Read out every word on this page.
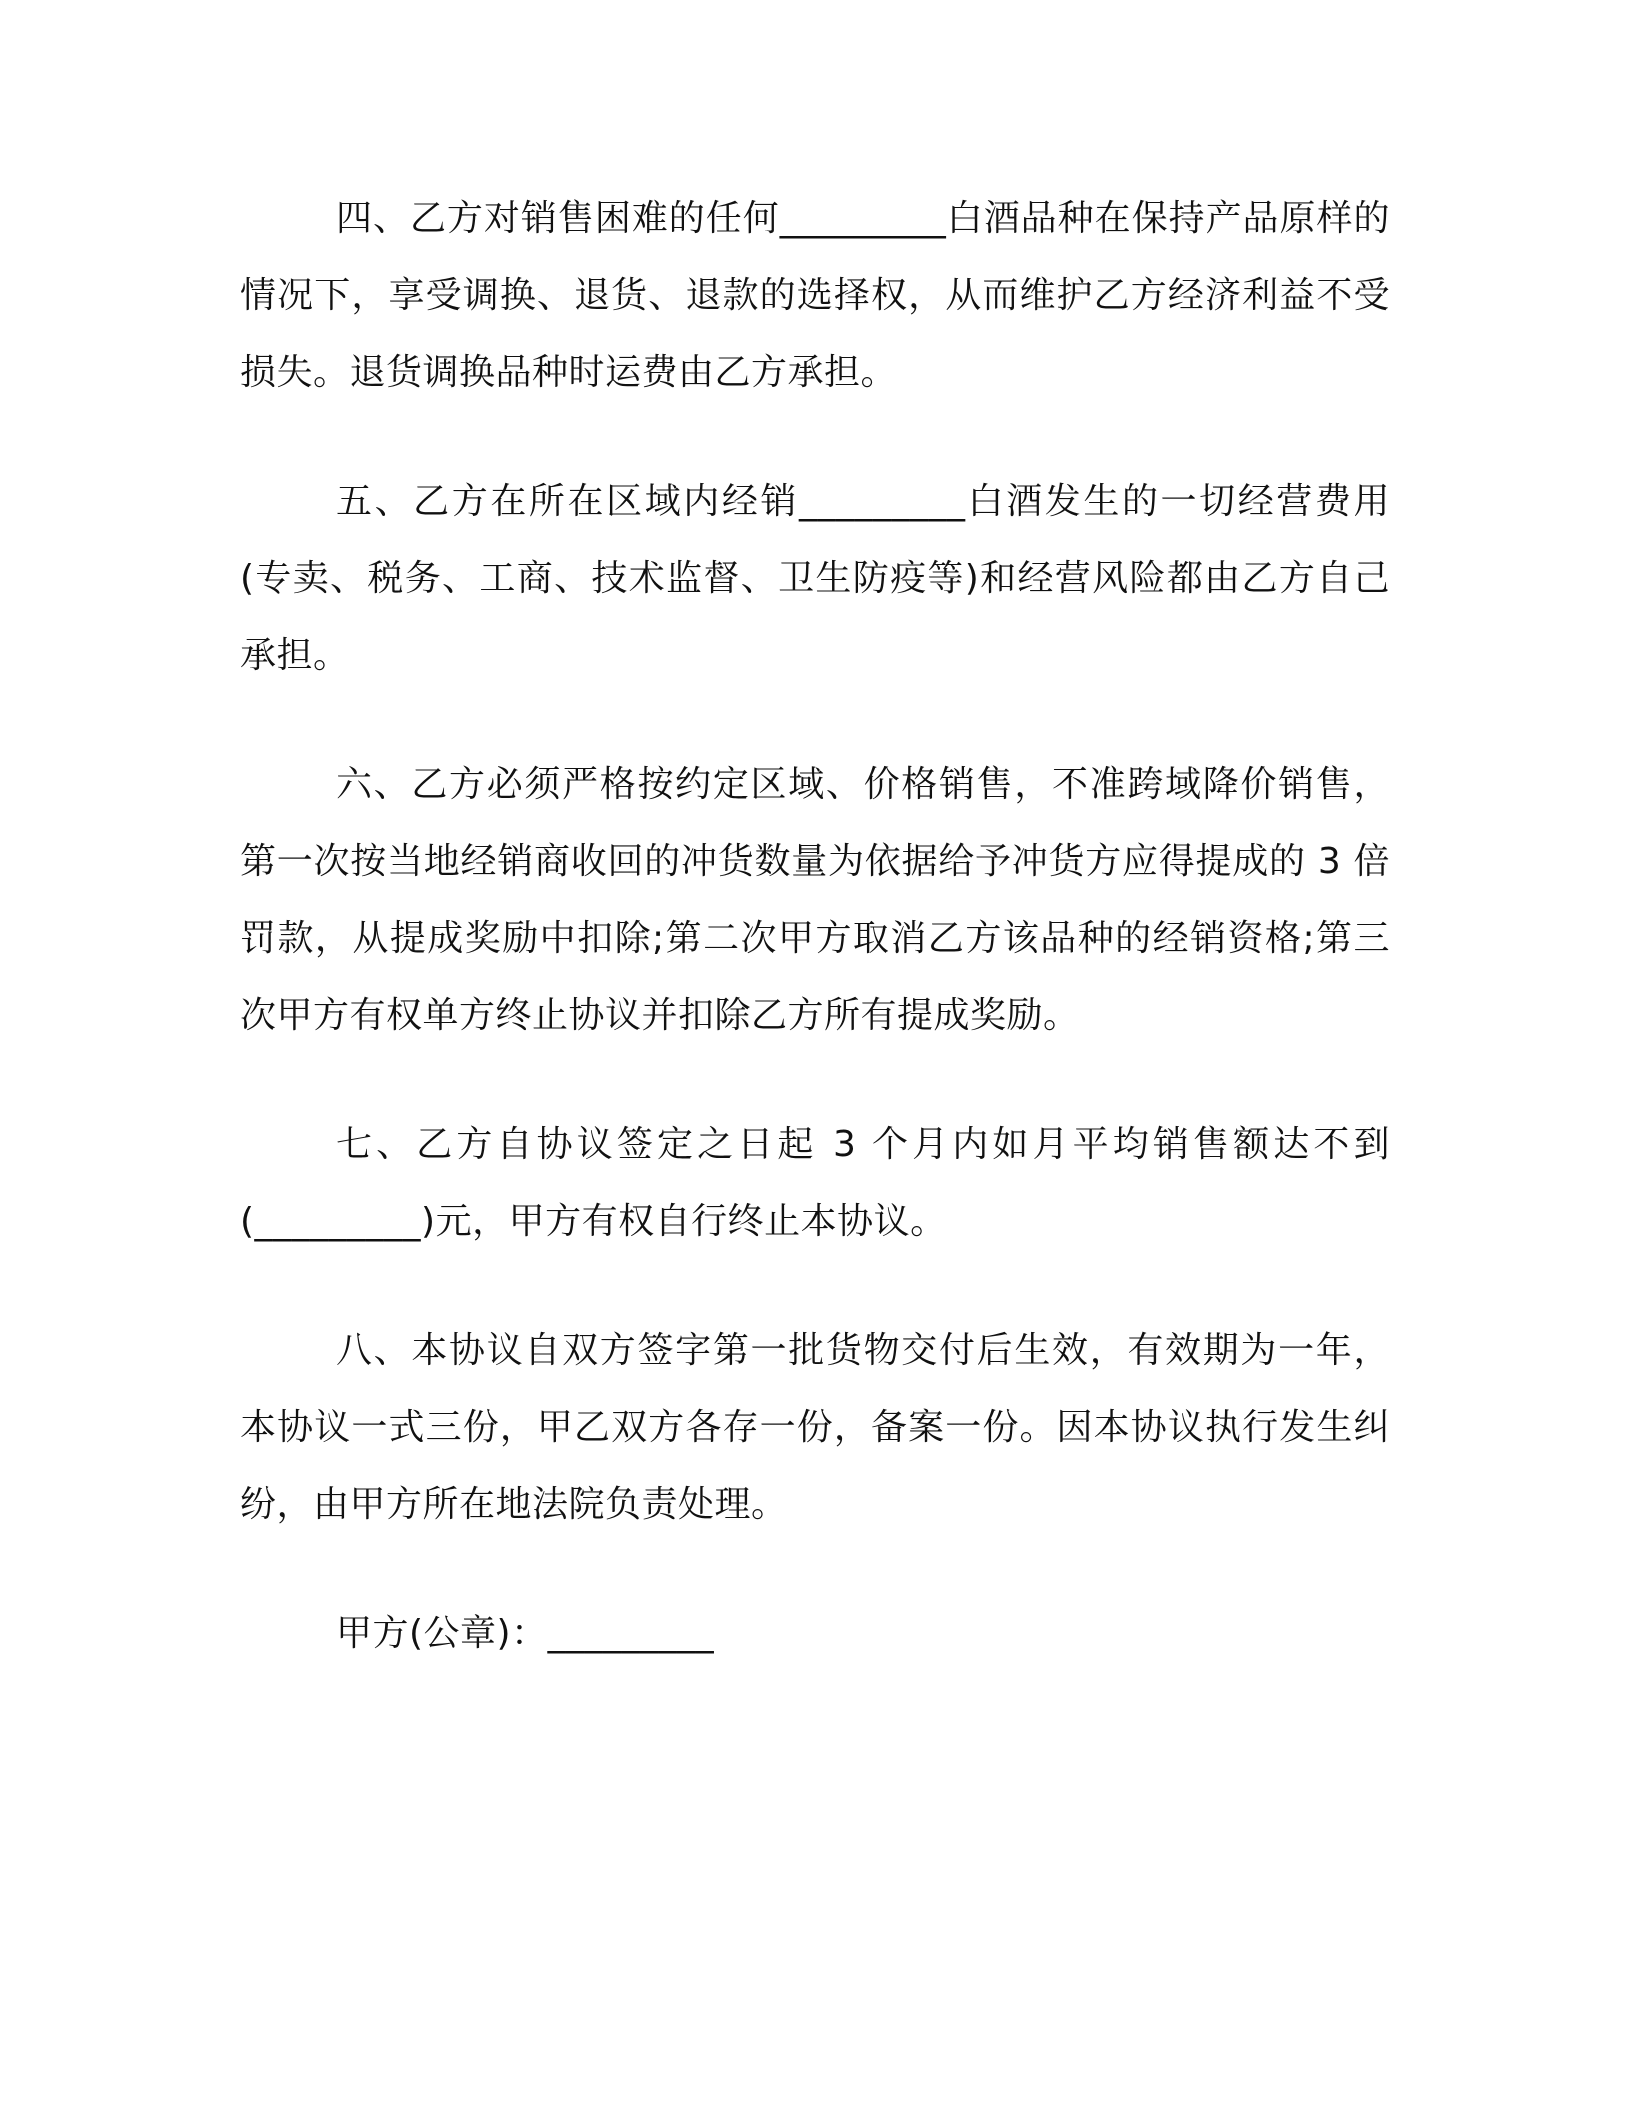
四、乙方对销售困难的任何_________白酒品种在保持产品原样的情况下，享受调换、退货、退款的选择权，从而维护乙方经济利益不受损失。退货调换品种时运费由乙方承担。

五、乙方在所在区域内经销_________白酒发生的一切经营费用(专卖、税务、工商、技术监督、卫生防疫等)和经营风险都由乙方自己承担。

六、乙方必须严格按约定区域、价格销售，不准跨域降价销售，第一次按当地经销商收回的冲货数量为依据给予冲货方应得提成的 3 倍罚款，从提成奖励中扣除;第二次甲方取消乙方该品种的经销资格;第三次甲方有权单方终止协议并扣除乙方所有提成奖励。

七、乙方自协议签定之日起 3 个月内如月平均销售额达不到(_________)元，甲方有权自行终止本协议。

八、本协议自双方签字第一批货物交付后生效，有效期为一年，本协议一式三份，甲乙双方各存一份，备案一份。因本协议执行发生纠纷，由甲方所在地法院负责处理。

甲方(公章)：_________
